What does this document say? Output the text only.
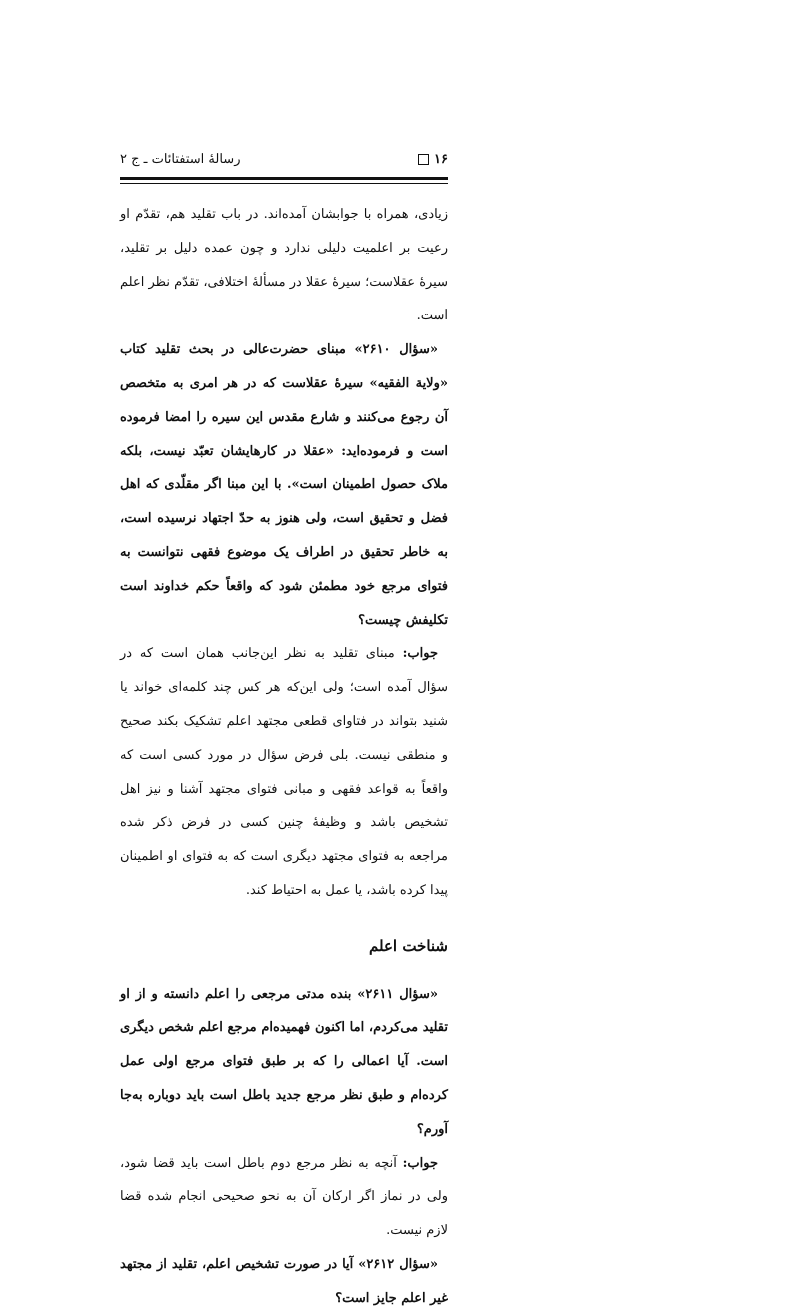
رسالهٔ استفتائات ـ ج ۲	۱۶

زیادی، همراه با جوابشان آمده‌اند. در باب تقلید هم، تقدّم او رعیت بر اعلمیت دلیلی ندارد و چون عمده دلیل بر تقلید، سیرهٔ عقلاست؛ سیرهٔ عقلا در مسألهٔ اختلافی، تقدّم نظر اعلم است.

«سؤال ۲۶۱۰» مبنای حضرت‌عالی در بحث تقلید کتاب «ولایة الفقیه» سیرهٔ عقلاست که در هر امری به متخصص آن رجوع می‌کنند و شارع مقدس این سیره را امضا فرموده است و فرموده‌اید: «عقلا در کارهایشان تعبّد نیست، بلکه ملاک حصول اطمینان است». با این مبنا اگر مقلّدی که اهل فضل و تحقیق است، ولی هنوز به حدّ اجتهاد نرسیده است، به خاطر تحقیق در اطراف یک موضوع فقهی نتوانست به فتوای مرجع خود مطمئن شود که واقعاً حکم خداوند است تکلیفش چیست؟

جواب: مبنای تقلید به نظر این‌جانب همان است که در سؤال آمده است؛ ولی این‌که هر کس چند کلمه‌ای خواند یا شنید بتواند در فتاوای قطعی مجتهد اعلم تشکیک بکند صحیح و منطقی نیست. بلی فرض سؤال در مورد کسی است که واقعاً به قواعد فقهی و مبانی فتوای مجتهد آشنا و نیز اهل تشخیص باشد و وظیفهٔ چنین کسی در فرض ذکر شده مراجعه به فتوای مجتهد دیگری است که به فتوای او اطمینان پیدا کرده باشد، یا عمل به احتیاط کند.

شناخت اعلم

«سؤال ۲۶۱۱» بنده مدتی مرجعی را اعلم دانسته و از او تقلید می‌کردم، اما اکنون فهمیده‌ام مرجع اعلم شخص دیگری است. آیا اعمالی را که بر طبق فتوای مرجع اولی عمل کرده‌ام و طبق نظر مرجع جدید باطل است باید دوباره به‌جا آورم؟

جواب: آنچه به نظر مرجع دوم باطل است باید قضا شود، ولی در نماز اگر ارکان آن به نحو صحیحی انجام شده قضا لازم نیست.

«سؤال ۲۶۱۲» آیا در صورت تشخیص اعلم، تقلید از مجتهد غیر اعلم جایز است؟
